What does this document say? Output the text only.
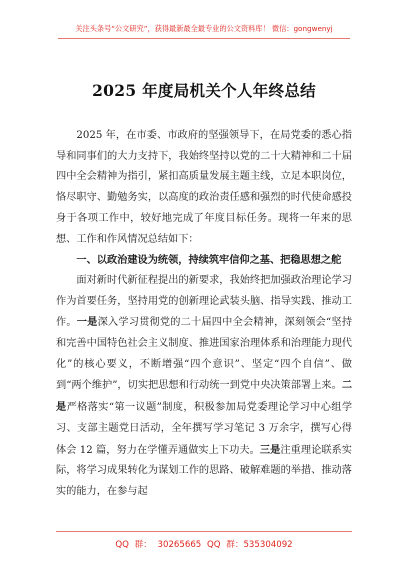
关注头条号“公文研究”，获得最新最全最专业的公文资料库！ 微信：gongwenyj
2025 年度局机关个人年终总结

2025 年，在市委、市政府的坚强领导下，在局党委的悉心指导和同事们的大力支持下，我始终坚持以党的二十大精神和二十届四中全会精神为指引，紧扣高质量发展主题主线，立足本职岗位，恪尽职守、勤勉务实，以高度的政治责任感和强烈的时代使命感投身于各项工作中，较好地完成了年度目标任务。现将一年来的思想、工作和作风情况总结如下：

一、以政治建设为统领，持续筑牢信仰之基、把稳思想之舵

面对新时代新征程提出的新要求，我始终把加强政治理论学习作为首要任务，坚持用党的创新理论武装头脑、指导实践、推动工作。一是深入学习贯彻党的二十届四中全会精神，深刻领会“坚持和完善中国特色社会主义制度、推进国家治理体系和治理能力现代化”的核心要义，不断增强“四个意识”、坚定“四个自信”、做到“两个维护”，切实把思想和行动统一到党中央决策部署上来。二是严格落实“第一议题”制度，积极参加局党委理论学习中心组学习、支部主题党日活动，全年撰写学习笔记 3 万余字，撰写心得体会 12 篇，努力在学懂弄通做实上下功夫。三是注重理论联系实际，将学习成果转化为谋划工作的思路、破解难题的举措、推动落实的能力，在参与起

QQ 群： 30265665 QQ 群：535304092
